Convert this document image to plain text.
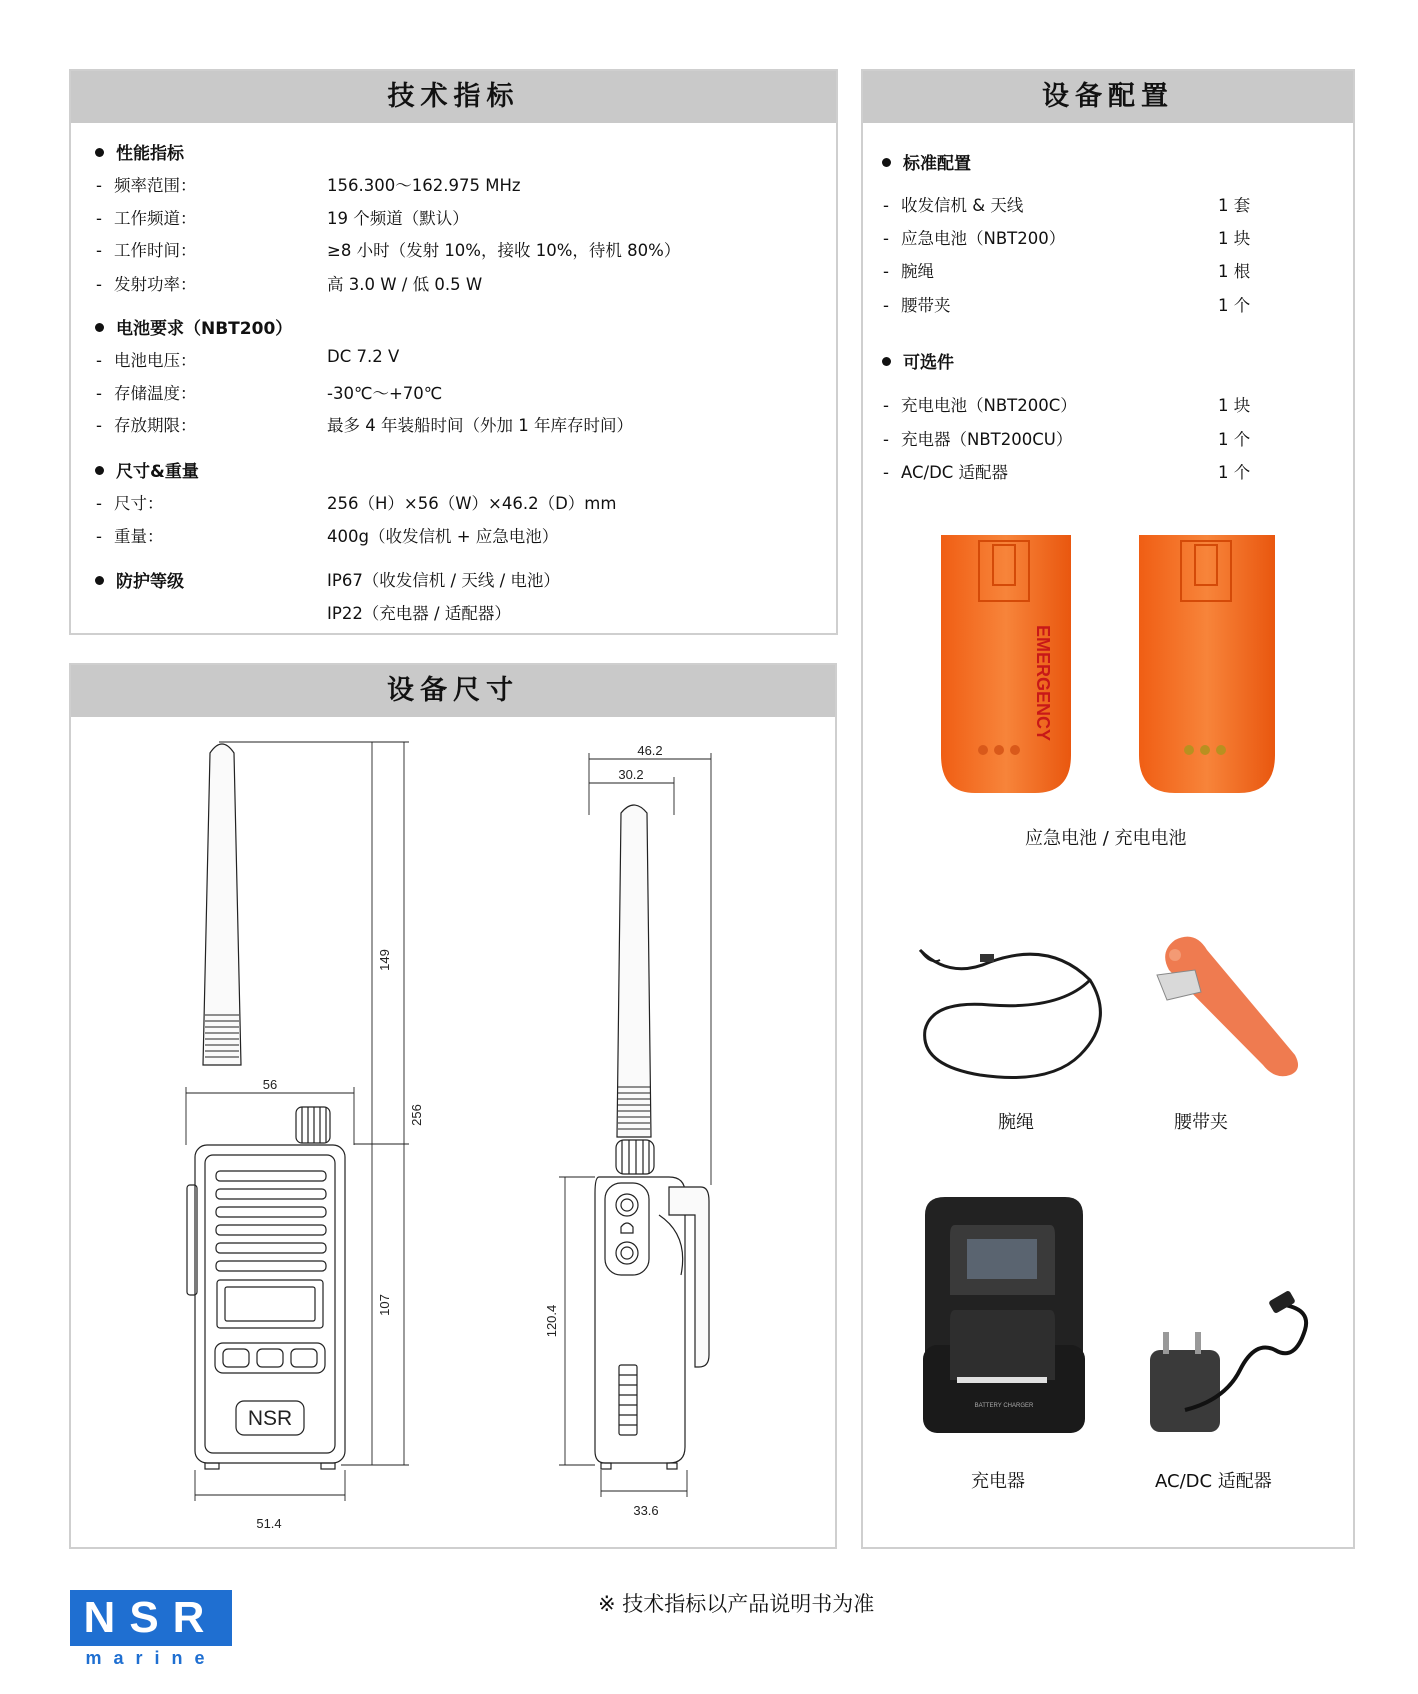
技术指标
性能指标
- 频率范围：	156.300～162.975 MHz
- 工作频道：	19 个频道（默认）
- 工作时间：	≥8 小时（发射 10%，接收 10%，待机 80%）
- 发射功率：	高 3.0 W / 低 0.5 W
电池要求（NBT200）
- 电池电压：	DC 7.2 V
- 存储温度：	-30℃～+70℃
- 存放期限：	最多 4 年装船时间（外加 1 年库存时间）
尺寸&重量
- 尺寸：	256（H）×56（W）×46.2（D）mm
- 重量：	400g（收发信机 + 应急电池）
防护等级	IP67（收发信机 / 天线 / 电池）
IP22（充电器 / 适配器）
设备尺寸
NSR
46.2
30.2
149
256
56
107	120.4
51.4
33.6
设备配置
标准配置
- 收发信机 & 天线	1 套
- 应急电池（NBT200）	1 块
- 腕绳	1 根
- 腰带夹	1 个
可选件
- 充电电池（NBT200C）	1 块
- 充电器（NBT200CU）	1 个
- AC/DC 适配器	1 个
EMERGENCY
应急电池 / 充电电池
腕绳	腰带夹
BATTERY CHARGER
充电器	AC/DC 适配器
NSR
marine
※ 技术指标以产品说明书为准
